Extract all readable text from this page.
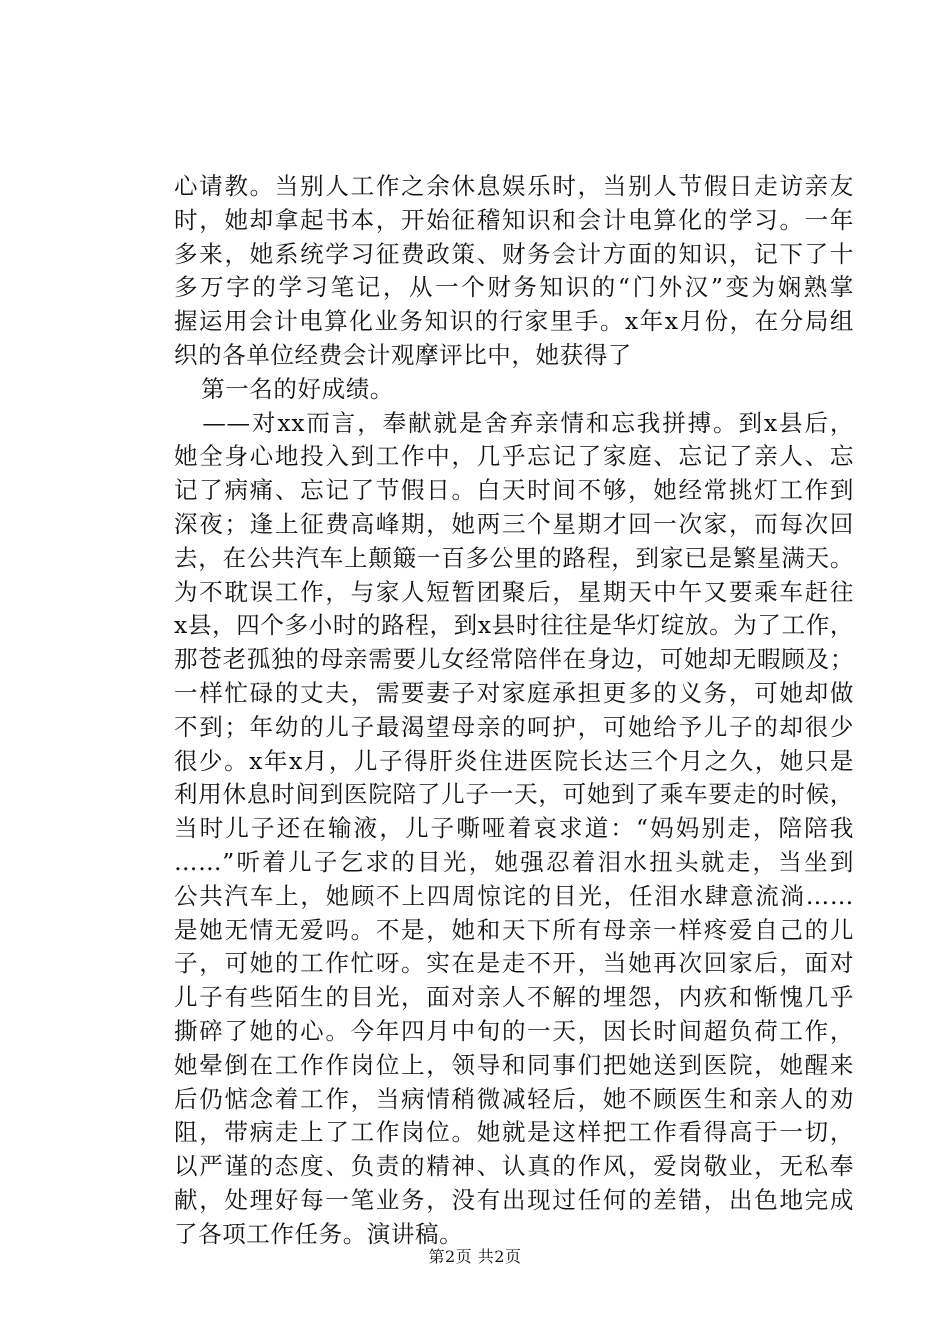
心请教。当别人工作之余休息娱乐时，当别人节假日走访亲友
时，她却拿起书本，开始征稽知识和会计电算化的学习。一年
多来，她系统学习征费政策、财务会计方面的知识，记下了十
多万字的学习笔记，从一个财务知识的“门外汉”变为娴熟掌
握运用会计电算化业务知识的行家里手。x年x月份，在分局组
织的各单位经费会计观摩评比中，她获得了
　第一名的好成绩。
　——对xx而言，奉献就是舍弃亲情和忘我拼搏。到x县后，
她全身心地投入到工作中，几乎忘记了家庭、忘记了亲人、忘
记了病痛、忘记了节假日。白天时间不够，她经常挑灯工作到
深夜；逢上征费高峰期，她两三个星期才回一次家，而每次回
去，在公共汽车上颠簸一百多公里的路程，到家已是繁星满天。
为不耽误工作，与家人短暂团聚后，星期天中午又要乘车赶往
x县，四个多小时的路程，到x县时往往是华灯绽放。为了工作，
那苍老孤独的母亲需要儿女经常陪伴在身边，可她却无暇顾及；
一样忙碌的丈夫，需要妻子对家庭承担更多的义务，可她却做
不到；年幼的儿子最渴望母亲的呵护，可她给予儿子的却很少
很少。x年x月，儿子得肝炎住进医院长达三个月之久，她只是
利用休息时间到医院陪了儿子一天，可她到了乘车要走的时候，
当时儿子还在输液，儿子嘶哑着哀求道：“妈妈别走，陪陪我
……”听着儿子乞求的目光，她强忍着泪水扭头就走，当坐到
公共汽车上，她顾不上四周惊诧的目光，任泪水肆意流淌……
是她无情无爱吗。不是，她和天下所有母亲一样疼爱自己的儿
子，可她的工作忙呀。实在是走不开，当她再次回家后，面对
儿子有些陌生的目光，面对亲人不解的埋怨，内疚和惭愧几乎
撕碎了她的心。今年四月中旬的一天，因长时间超负荷工作，
她晕倒在工作作岗位上，领导和同事们把她送到医院，她醒来
后仍惦念着工作，当病情稍微减轻后，她不顾医生和亲人的劝
阻，带病走上了工作岗位。她就是这样把工作看得高于一切，
以严谨的态度、负责的精神、认真的作风，爱岗敬业，无私奉
献，处理好每一笔业务，没有出现过任何的差错，出色地完成
了各项工作任务。演讲稿。
第2页 共2页
